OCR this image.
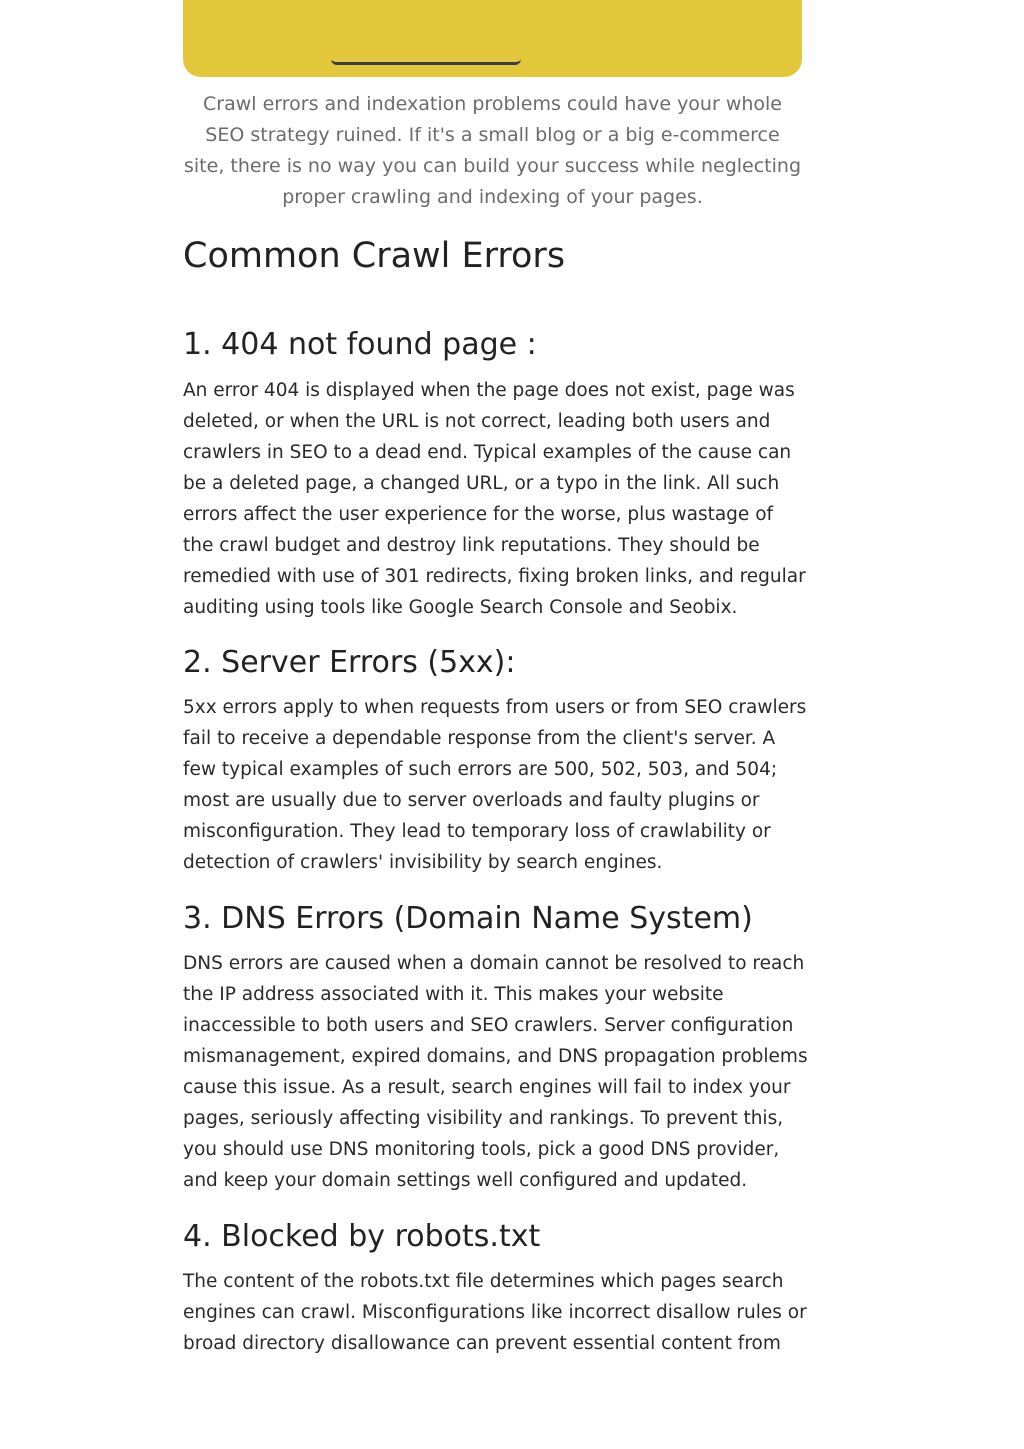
Crawl errors and indexation problems could have your whole SEO strategy ruined. If it's a small blog or a big e-commerce site, there is no way you can build your success while neglecting proper crawling and indexing of your pages.

Common Crawl Errors
1. 404 not found page :

An error 404 is displayed when the page does not exist, page was deleted, or when the URL is not correct, leading both users and crawlers in SEO to a dead end. Typical examples of the cause can be a deleted page, a changed URL, or a typo in the link. All such errors affect the user experience for the worse, plus wastage of the crawl budget and destroy link reputations. They should be remedied with use of 301 redirects, fixing broken links, and regular auditing using tools like Google Search Console and Seobix.

2. Server Errors (5xx):

5xx errors apply to when requests from users or from SEO crawlers fail to receive a dependable response from the client's server. A few typical examples of such errors are 500, 502, 503, and 504; most are usually due to server overloads and faulty plugins or misconfiguration. They lead to temporary loss of crawlability or detection of crawlers' invisibility by search engines.

3. DNS Errors (Domain Name System)

DNS errors are caused when a domain cannot be resolved to reach the IP address associated with it. This makes your website inaccessible to both users and SEO crawlers. Server configuration mismanagement, expired domains, and DNS propagation problems cause this issue. As a result, search engines will fail to index your pages, seriously affecting visibility and rankings. To prevent this, you should use DNS monitoring tools, pick a good DNS provider, and keep your domain settings well configured and updated.

4. Blocked by robots.txt

The content of the robots.txt file determines which pages search engines can crawl. Misconfigurations like incorrect disallow rules or broad directory disallowance can prevent essential content from
